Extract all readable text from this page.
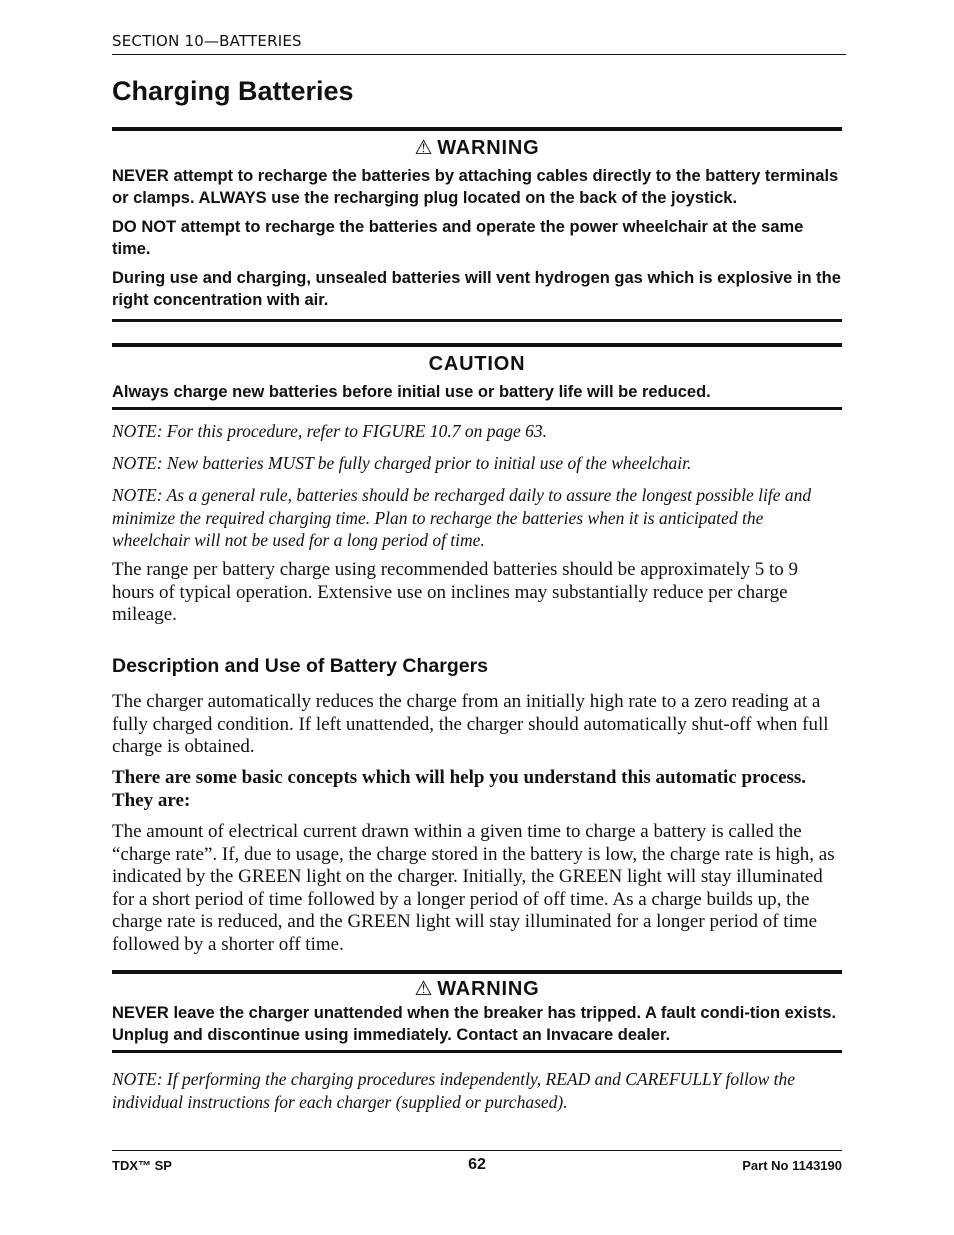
SECTION 10—BATTERIES
Charging Batteries
⚠ WARNING

NEVER attempt to recharge the batteries by attaching cables directly to the battery terminals or clamps. ALWAYS use the recharging plug located on the back of the joystick.

DO NOT attempt to recharge the batteries and operate the power wheelchair at the same time.

During use and charging, unsealed batteries will vent hydrogen gas which is explosive in the right concentration with air.

CAUTION

Always charge new batteries before initial use or battery life will be reduced.

NOTE: For this procedure, refer to FIGURE 10.7 on page 63.

NOTE: New batteries MUST be fully charged prior to initial use of the wheelchair.

NOTE: As a general rule, batteries should be recharged daily to assure the longest possible life and minimize the required charging time. Plan to recharge the batteries when it is anticipated the wheelchair will not be used for a long period of time.

The range per battery charge using recommended batteries should be approximately 5 to 9 hours of typical operation. Extensive use on inclines may substantially reduce per charge mileage.

Description and Use of Battery Chargers

The charger automatically reduces the charge from an initially high rate to a zero reading at a fully charged condition. If left unattended, the charger should automatically shut-off when full charge is obtained.

There are some basic concepts which will help you understand this automatic process. They are:

The amount of electrical current drawn within a given time to charge a battery is called the “charge rate”. If, due to usage, the charge stored in the battery is low, the charge rate is high, as indicated by the GREEN light on the charger. Initially, the GREEN light will stay illuminated for a short period of time followed by a longer period of off time. As a charge builds up, the charge rate is reduced, and the GREEN light will stay illuminated for a longer period of time followed by a shorter off time.

⚠ WARNING

NEVER leave the charger unattended when the breaker has tripped. A fault condi-tion exists. Unplug and discontinue using immediately. Contact an Invacare dealer.

NOTE: If performing the charging procedures independently, READ and CAREFULLY follow the individual instructions for each charger (supplied or purchased).

TDX™ SP	62	Part No 1143190
